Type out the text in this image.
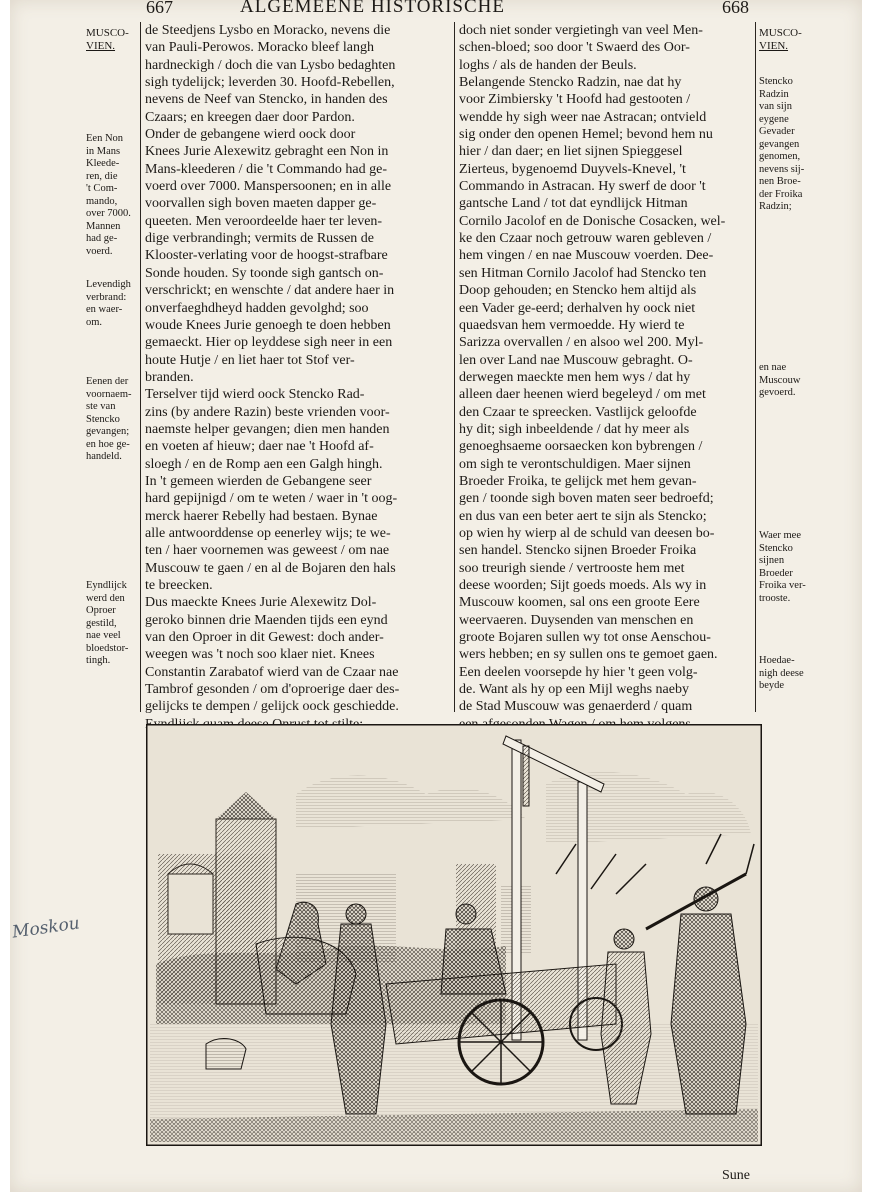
667	ALGEMEENE HISTORISCHE	668
MUSCO-
VIEN.
MUSCO-
VIEN.
Een Non
in Mans
Kleede-
ren, die
't Com-
mando,
over 7000.
Mannen
had ge-
voerd.
Levendigh
verbrand:
en waer-
om.
Eenen der
voornaem-
ste van
Stencko
gevangen;
en hoe ge-
handeld.
Eyndlijck
werd den
Oproer
gestild,
nae veel
bloedstor-
tingh.
Stencko
Radzin
van sijn
eygene
Gevader
gevangen
genomen,
nevens sij-
nen Broe-
der Froika
Radzin;
en nae
Muscouw
gevoerd.
Waer mee
Stencko
sijnen
Broeder
Froika ver-
trooste.
Hoedae-
nigh deese
beyde
de Steedjens Lysbo en Moracko, nevens die
van Pauli-Perowos. Moracko bleef langh
hardneckigh / doch die van Lysbo bedaghten
sigh tydelijck; leverden 30. Hoofd-Rebellen,
nevens de Neef van Stencko, in handen des
Czaars; en kreegen daer door Pardon.
Onder de gebangene wierd oock door
Knees Jurie Alexewitz gebraght een Non in
Mans-kleederen / die 't Commando had ge-
voerd over 7000. Manspersoonen; en in alle
voorvallen sigh boven maeten dapper ge-
queeten. Men veroordeelde haer ter leven-
dige verbrandingh; vermits de Russen de
Klooster-verlating voor de hoogst-strafbare
Sonde houden. Sy toonde sigh gantsch on-
verschrickt; en wenschte / dat andere haer in
onverfaeghdheyd hadden gevolghd; soo
woude Knees Jurie genoegh te doen hebben
gemaeckt. Hier op leyddese sigh neer in een
houte Hutje / en liet haer tot Stof ver-
branden.
Terselver tijd wierd oock Stencko Rad-
zins (by andere Razin) beste vrienden voor-
naemste helper gevangen; dien men handen
en voeten af hieuw; daer nae 't Hoofd af-
sloegh / en de Romp aen een Galgh hingh.
In 't gemeen wierden de Gebangene seer
hard gepijnigd / om te weten / waer in 't oog-
merck haerer Rebelly had bestaen. Bynae
alle antwoorddense op eenerley wijs; te we-
ten / haer voornemen was geweest / om nae
Muscouw te gaen / en al de Bojaren den hals
te breecken.
Dus maeckte Knees Jurie Alexewitz Dol-
geroko binnen drie Maenden tijds een eynd
van den Oproer in dit Gewest: doch ander-
weegen was 't noch soo klaer niet. Knees
Constantin Zarabatof wierd van de Czaar nae
Tambrof gesonden / om d'oproerige daer des-
gelijcks te dempen / gelijck oock geschiedde.
doch niet sonder vergietingh van veel Men-
schen-bloed; soo door 't Swaerd des Oor-
loghs / als de handen der Beuls.
Belangende Stencko Radzin, nae dat hy
voor Zimbiersky 't Hoofd had gestooten /
wendde hy sigh weer nae Astracan; ontvield
sig onder den openen Hemel; bevond hem nu
hier / dan daer; en liet sijnen Spieggesel
Zierteus, bygenoemd Duyvels-Knevel, 't
Commando in Astracan. Hy swerf de door 't
gantsche Land / tot dat eyndlijck Hitman
Cornilo Jacolof en de Donische Cosacken, wel-
ke den Czaar noch getrouw waren gebleven /
hem vingen / en nae Muscouw voerden. Dee-
sen Hitman Cornilo Jacolof had Stencko ten
Doop gehouden; en Stencko hem altijd als
een Vader ge-eerd; derhalven hy oock niet
quaedsvan hem vermoedde. Hy wierd te
Sarizza overvallen / en alsoo wel 200. Myl-
len over Land nae Muscouw gebraght. O-
derwegen maeckte men hem wys / dat hy
alleen daer heenen wierd begeleyd / om met
den Czaar te spreecken. Vastlijck geloofde
hy dit; sigh inbeeldende / dat hy meer als
genoeghsaeme oorsaecken kon bybrengen /
om sigh te verontschuldigen. Maer sijnen
Broeder Froika, te gelijck met hem gevan-
gen / toonde sigh boven maten seer bedroefd;
en dus van een beter aert te sijn als Stencko;
op wien hy wierp al de schuld van deesen bo-
sen handel. Stencko sijnen Broeder Froika
soo treurigh siende / vertrooste hem met
deese woorden; Sijt goeds moeds. Als wy in
Muscouw koomen, sal ons een groote Eere
weervaeren. Duysenden van menschen en
groote Bojaren sullen wy tot onse Aenschou-
wers hebben; en sy sullen ons te gemoet gaen.
Een deelen voorsepde hy hier 't geen volg-
de. Want als hy op een Mijl weghs naeby
de Stad Muscouw was genaerderd / quam
Moskou
Sune
